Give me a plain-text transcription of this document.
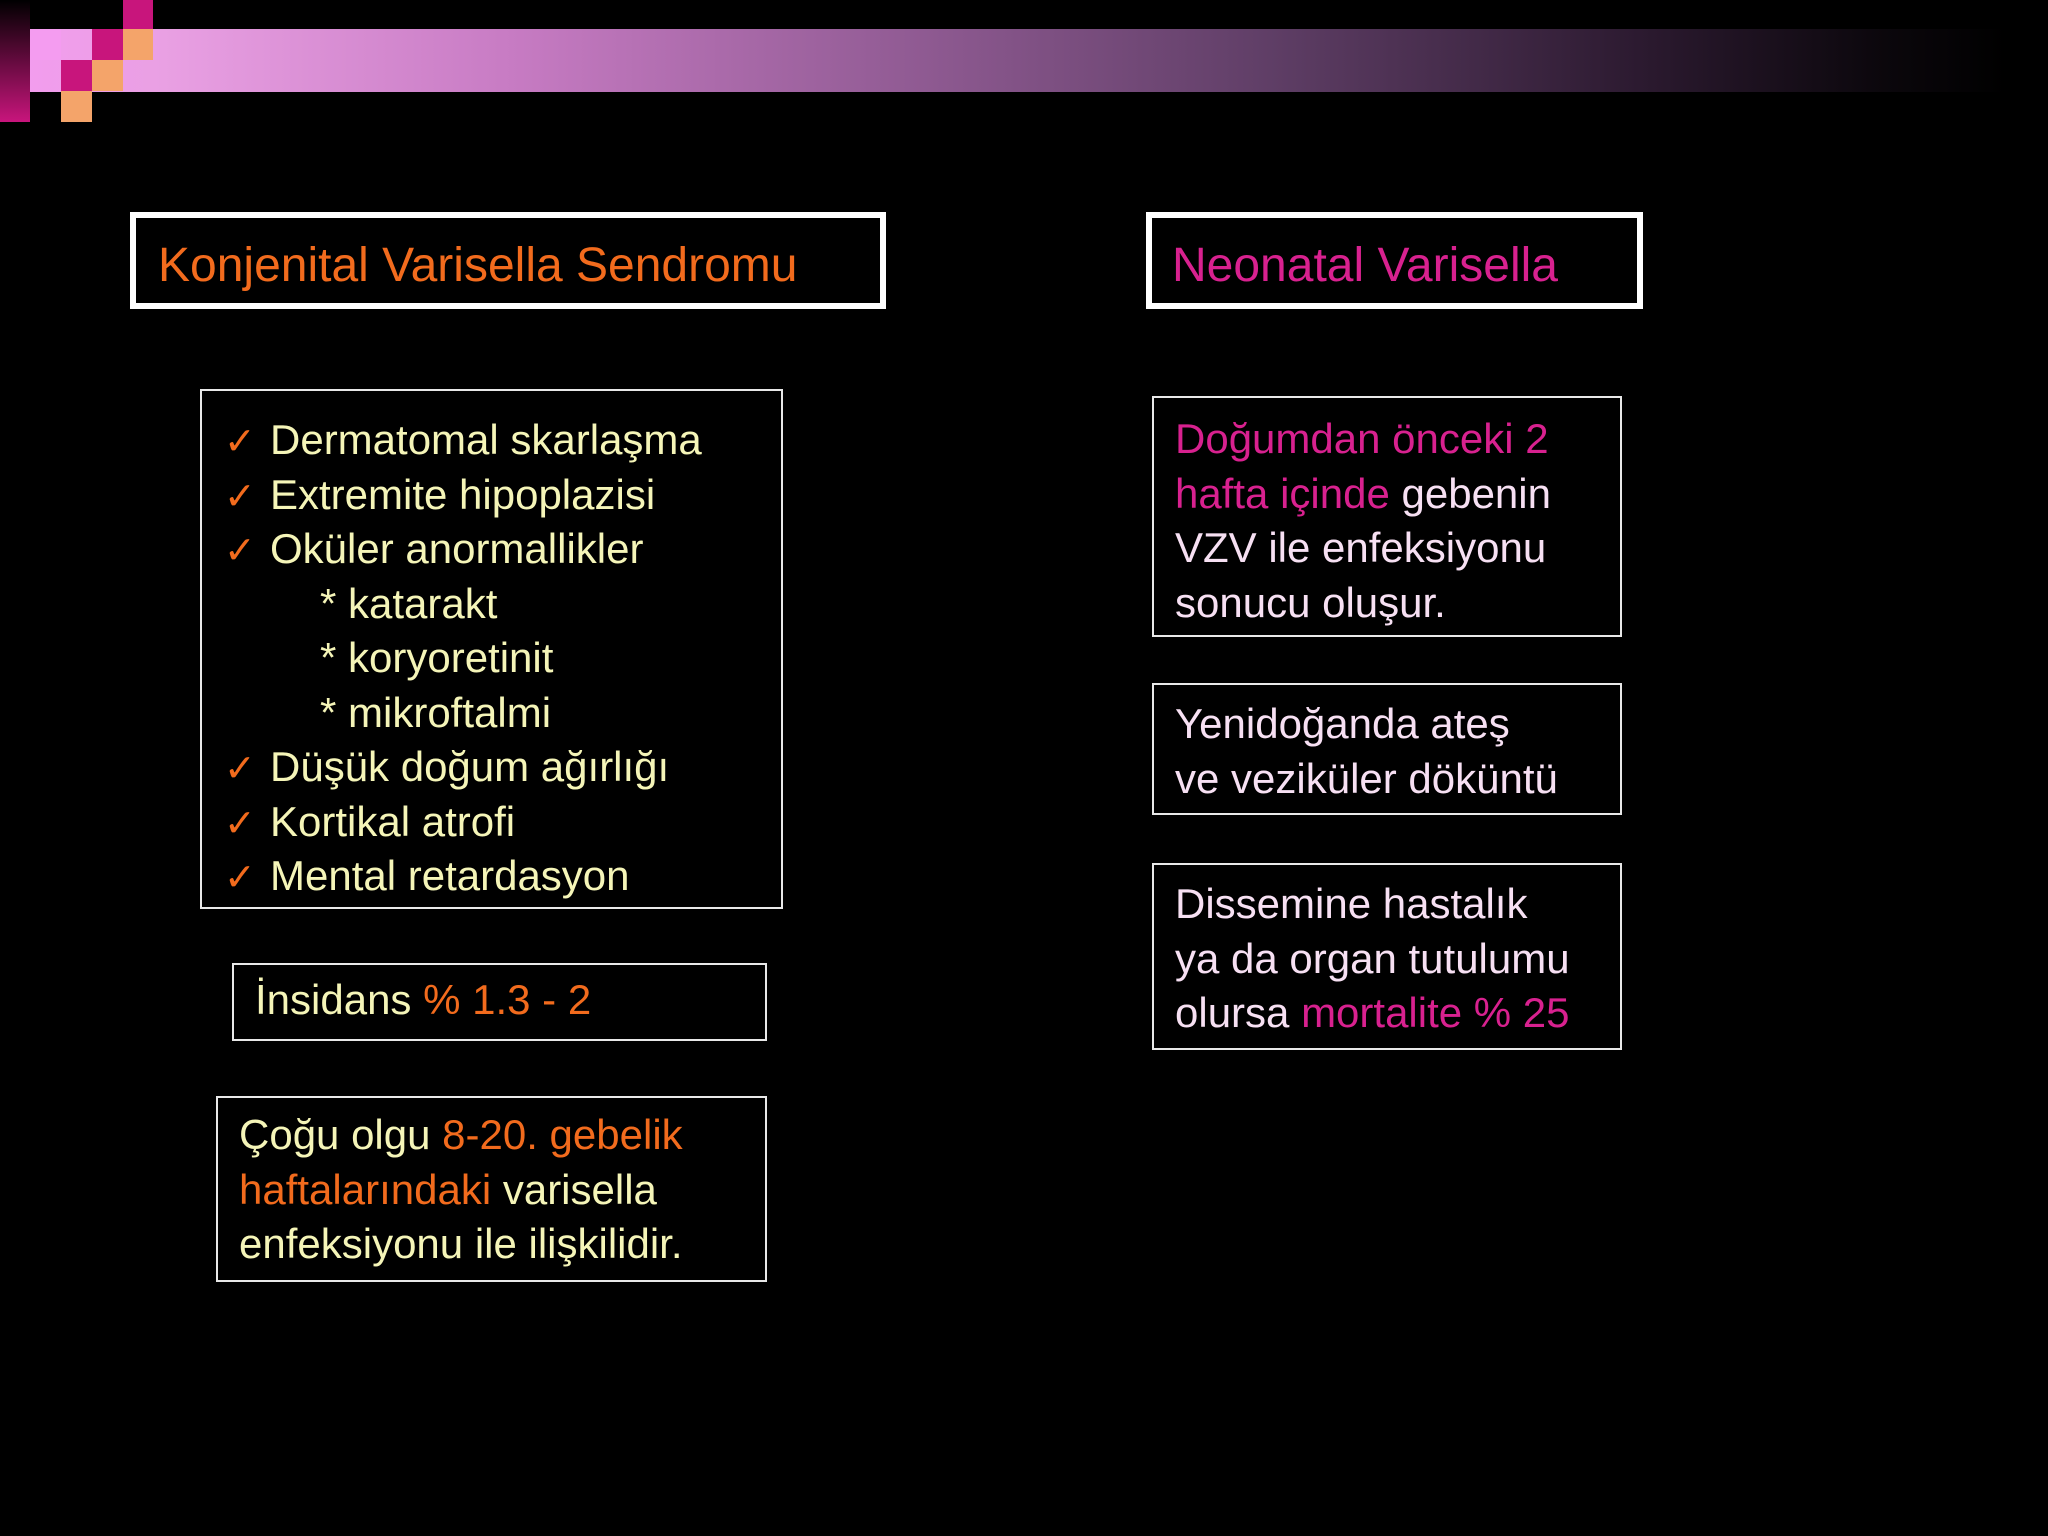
Konjenital Varisella Sendromu
✓ Dermatomal skarlaşma
✓ Extremite hipoplazisi
✓ Oküler anormallikler
* katarakt
* koryoretinit
* mikroftalmi
✓ Düşük doğum ağırlığı
✓ Kortikal atrofi
✓ Mental retardasyon
İnsidans % 1.3 - 2
Çoğu olgu 8-20. gebelik
haftalarındaki varisella
enfeksiyonu ile ilişkilidir.
Neonatal Varisella
Doğumdan önceki 2
hafta içinde gebenin
VZV ile enfeksiyonu
sonucu oluşur.
Yenidoğanda ateş
ve veziküler döküntü
Dissemine hastalık
ya da organ tutulumu
olursa mortalite % 25
